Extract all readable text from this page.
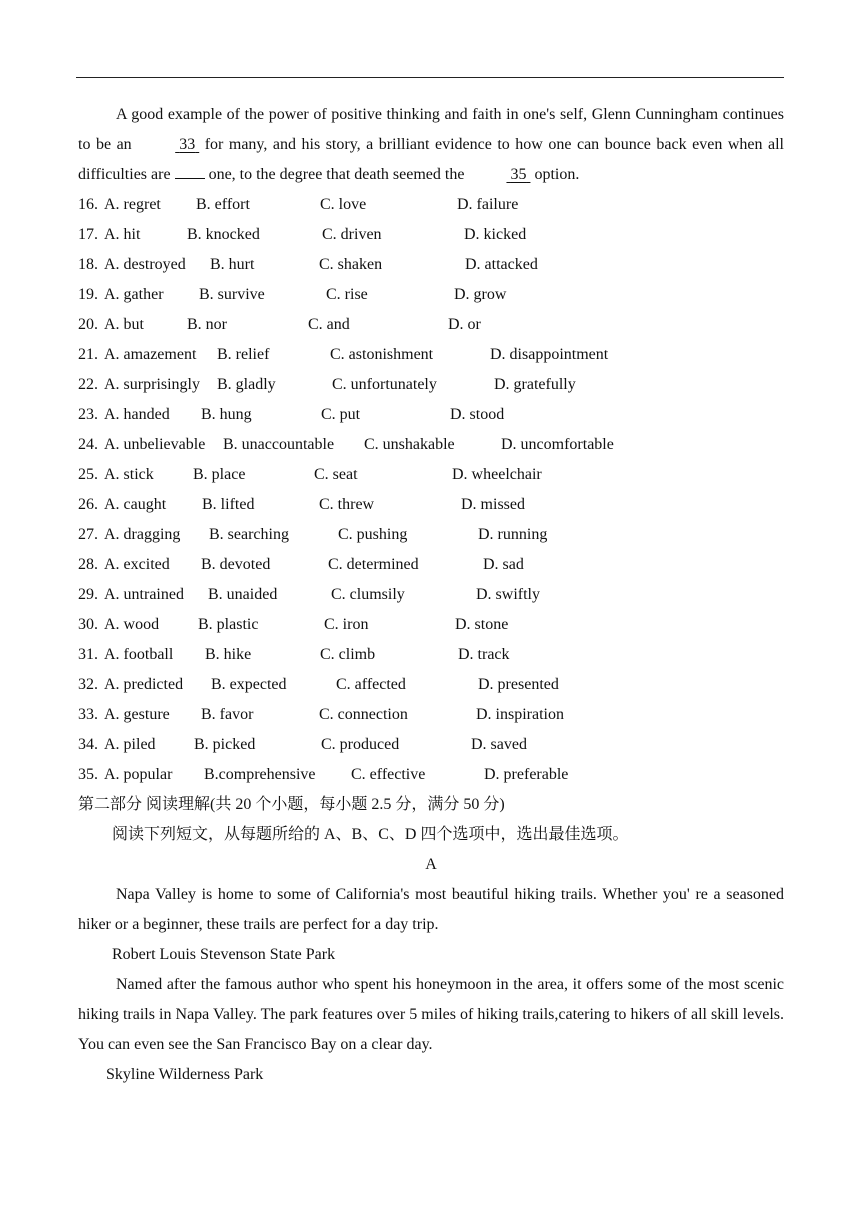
A good example of the power of positive thinking and faith in one's self, Glenn Cunningham continues to be an	33  for many, and his story, a brilliant evidence to how one can bounce back even when all difficulties are  one, to the degree that death seemed the	35  option.

16. A. regret B. effort	C. love	D. failure
17. A. hit	B. knocked	C. driven	D. kicked
18. A. destroyed B. hurt	C. shaken	D. attacked
19. A. gather B. survive	C. rise	D. grow
20. A. but	B. nor	C. and	D. or
21. A. amazement B. relief	C. astonishment	D. disappointment
22. A. surprisingly B. gladly	C. unfortunately	D. gratefully
23. A. handed B. hung	C. put	D. stood
24. A. unbelievable B. unaccountable C. unshakable	D. uncomfortable
25. A. stick B. place	C. seat	D. wheelchair
26. A. caught B. lifted	C. threw	D. missed
27. A. dragging B. searching	C. pushing	D. running
28. A. excited B. devoted	C. determined	D. sad
29. A. untrained B. unaided	C. clumsily	D. swiftly
30. A. wood B. plastic	C. iron	D. stone
31. A. football B. hike	C. climb	D. track
32. A. predicted B. expected	C. affected	D. presented
33. A. gesture B. favor	C. connection	D. inspiration
34. A. piled B. picked	C. produced	D. saved
35. A. popular B.comprehensive C. effective	D. preferable
第二部分 阅读理解(共 20 个小题，每小题 2.5 分，满分 50 分)
阅读下列短文，从每题所给的 A、B、C、D 四个选项中，选出最佳选项。
A

Napa Valley is home to some of California's most beautiful hiking trails. Whether you' re a seasoned hiker or a beginner, these trails are perfect for a day trip.

Robert Louis Stevenson State Park

Named after the famous author who spent his honeymoon in the area, it offers some of the most scenic hiking trails in Napa Valley. The park features over 5 miles of hiking trails,catering to hikers of all skill levels. You can even see the San Francisco Bay on a clear day.

Skyline Wilderness Park
